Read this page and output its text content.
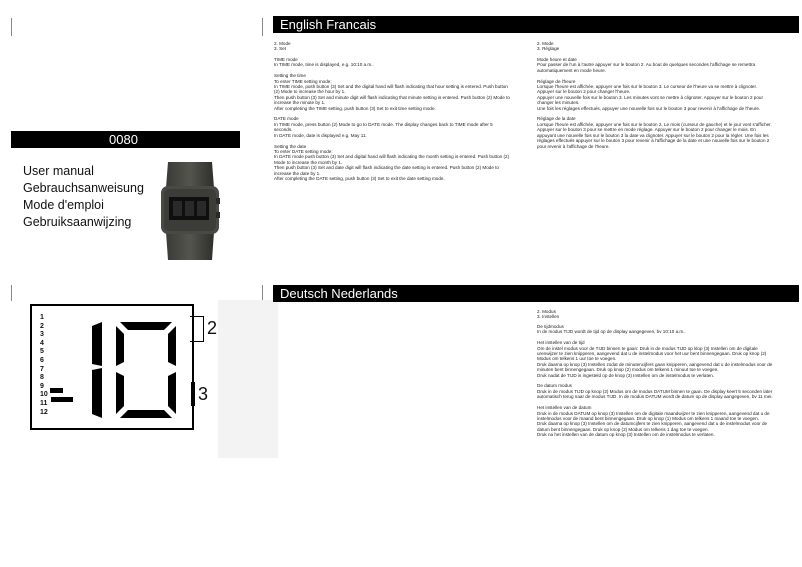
0080
User manual
Gebrauchsanweisung
Mode d'emploi
Gebruiksaanwijzing
1
2
3
4
5
6
7
8
9
10
11
12
2
3
English Francais
Deutsch Nederlands
2. Mode
3. Set
TIME mode
In TIME mode, time is displayed, e.g. 10:10 a.m..

Setting the time
To enter TIME setting mode:
In TIME mode, push button (3) Set and the digital hand will flash indicating that hour setting is entered. Push button (2) Mode to increase the hour by 1.
Then push button (3) Set and minute digit will flash indicating that minute setting is entered. Push button (2) Mode to increase the minute by 1.
After completing the TIME setting, push button (3) Set to exit time setting mode.

DATE mode
In TIME mode, press button (2) Mode to go to DATE mode. The display changes back to TIME mode after 5 seconds.
In DATE mode, date is displayed e.g. May 11.

Setting the date
To enter DATE setting mode:
In DATE mode push button (3) Set and digital hand will flash indicating the month setting is entered. Push button (2) Mode to increase the month by 1.
Then push button (3) Set and date digit will flash indicating the date setting is entered. Push button (2) Mode to increase the date by 1.
After completing the DATE setting, push button (3) Set to exit the date setting mode.
2. Mode
3. Réglage
Mode heure et date
Pour passer de l'un à l'autre appuyer sur le bouton 2. Au bout de quelques secondes l'affichage se remettra automatiquement en mode heure.

Réglage de l'heure
Lorsque l'heure est affichée, appuyer une fois sur le bouton 3. Le curseur de l'heure va se mettre à clignoter. Appuyer sur le bouton 2 pour changer l'heure.
Appuyer une nouvelle fois sur le bouton 3. Les minutes vont se mettre à clignoter. Appuyer sur le bouton 2 pour changer les minutes.
Une fois les réglages effectués, appuyer une nouvelle fois sur le bouton 3 pour revenir à l'affichage de l'heure.

Réglage de la date
Lorsque l'heure est affichée, appuyer une fois sur le bouton 2. Le mois (curseur de gauche) et le jour vont s'afficher. Appuyer sur le bouton 3 pour se mettre en mode réglage. Appuyer sur le bouton 2 pour changer le mois. En appuyant une nouvelle fois sur le bouton 3 la date va clignoter. Appuyer sur le bouton 2 pour la régler. Une fois les réglages effectués appuyer sur le bouton 3 pour revenir à l'affichage de la date et une nouvelle fois sur le bouton 2 pour revenir à l'affichage de l'heure.
2. Modus
3. Instellen
De tijdmodus
In de modus TIJD wordt de tijd op de display aangegeven, bv 10:10 a.m..

Het instellen van de tijd
Om de instel modus voor de TIJD binnen te gaan: Druk in de modus TIJD op klop (3) Instellen om de digitale urenwijzer te zien knipperen, aangevend dat u de instelmodus voor het uur bent binnengegaan. Druk op knop (2) Modus om telkens 1 uur toe te voegen.
Druk daarna op knop (3) Instellen zodat de minutencijfers gaan knipperen, aangevend dat u de instelmodus voor de minuten bent binnengegaan. Druk op knop (2) modus om telkens 1 minuut toe te voegen.
Druk nadat de TIJD is ingesteld op de knop (3) Instellen om de instelmodus te verlaten.

De datum modus
Druk in de modus TIJD op knop (2) Modus om de modus DATUM binnen te gaan. De display keert 5 seconden later automatisch terug naar de modus TIJD. In de modus DATUM wordt de datum op de display aangegeven, bv 11 mei.

Het instellen van de datum
Druk in de modus DATUM op knop (3) Instellen om de digitale maandwijzer te zien knipperen, aangevend dat u de instelmodus voor de maand bent binnengegaan. Druk op knop (1) Modus om telkens 1 maand toe te voegen.
Druk daarna op knop (3) Instellen om de datumcijfers te zien knipperen, aangevend dat u de instelmodus voor de datum bent binnengegaan. Druk op knop (2) Modus om telkens 1 dag toe te voegen.
Druk na het instellen van de datum op knop (3) Instellen om de instelmodus te verlaten.
